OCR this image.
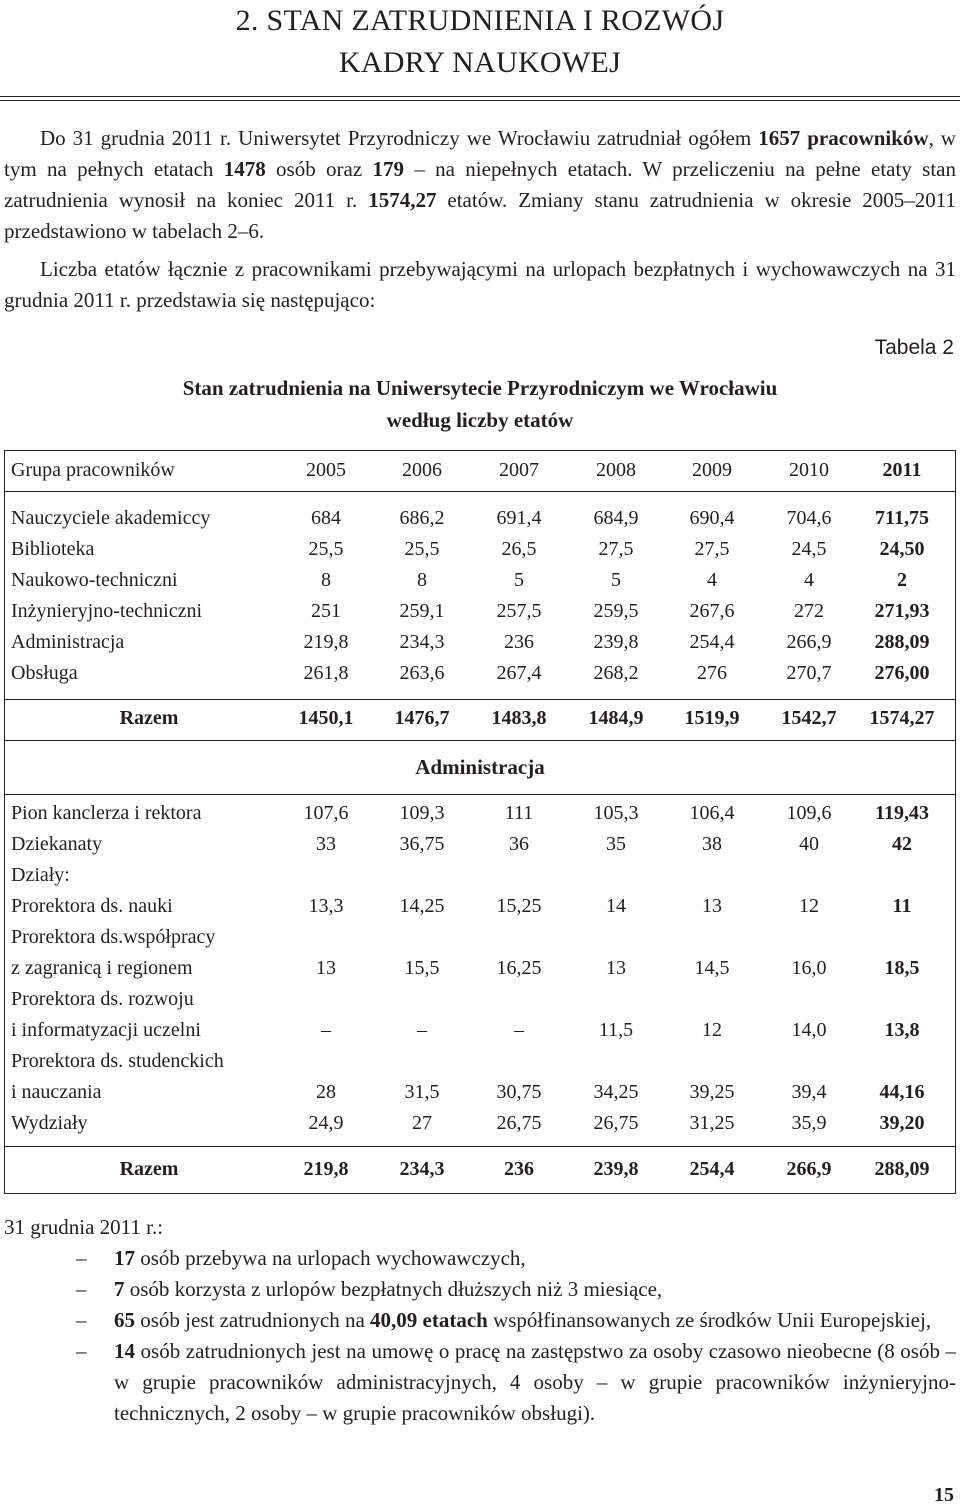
2. STAN ZATRUDNIENIA I ROZWÓJ
KADRY NAUKOWEJ

Do 31 grudnia 2011 r. Uniwersytet Przyrodniczy we Wrocławiu zatrudniał ogółem 1657 pracowników, w tym na pełnych etatach 1478 osób oraz 179 – na niepełnych etatach. W przeliczeniu na pełne etaty stan zatrudnienia wynosił na koniec 2011 r. 1574,27 etatów. Zmiany stanu zatrudnienia w okresie 2005–2011 przedstawiono w tabelach 2–6.

Liczba etatów łącznie z pracownikami przebywającymi na urlopach bezpłatnych i wychowawczych na 31 grudnia 2011 r. przedstawia się następująco:

Tabela 2
Stan zatrudnienia na Uniwersytecie Przyrodniczym we Wrocławiu
według liczby etatów
Grupa pracowników	2005	2006	2007	2008	2009	2010	2011
Nauczyciele akademiccy	684	686,2	691,4	684,9	690,4	704,6	711,75
Biblioteka	25,5	25,5	26,5	27,5	27,5	24,5	24,50
Naukowo-techniczni	8	8	5	5	4	4	2
Inżynieryjno-techniczni	251	259,1	257,5	259,5	267,6	272	271,93
Administracja	219,8	234,3	236	239,8	254,4	266,9	288,09
Obsługa	261,8	263,6	267,4	268,2	276	270,7	276,00
Razem	1450,1	1476,7	1483,8	1484,9	1519,9	1542,7	1574,27
Administracja
Pion kanclerza i rektora	107,6	109,3	111	105,3	106,4	109,6	119,43
Dziekanaty	33	36,75	36	35	38	40	42
Działy:
Prorektora ds. nauki	13,3	14,25	15,25	14	13	12	11
Prorektora ds.współpracy
z zagranicą i regionem	13	15,5	16,25	13	14,5	16,0	18,5
Prorektora ds. rozwoju
i informatyzacji uczelni	–	–	–	11,5	12	14,0	13,8
Prorektora ds. studenckich
i nauczania	28	31,5	30,75	34,25	39,25	39,4	44,16
Wydziały	24,9	27	26,75	26,75	31,25	35,9	39,20
Razem	219,8	234,3	236	239,8	254,4	266,9	288,09

31 grudnia 2011 r.:

– 17 osób przebywa na urlopach wychowawczych,
– 7 osób korzysta z urlopów bezpłatnych dłuższych niż 3 miesiące,
– 65 osób jest zatrudnionych na 40,09 etatach współfinansowanych ze środków Unii Europejskiej,
– 14 osób zatrudnionych jest na umowę o pracę na zastępstwo za osoby czasowo nieobecne (8 osób – w grupie pracowników administracyjnych, 4 osoby – w grupie pracowników inżynieryjno-technicznych, 2 osoby – w grupie pracowników obsługi).
15
